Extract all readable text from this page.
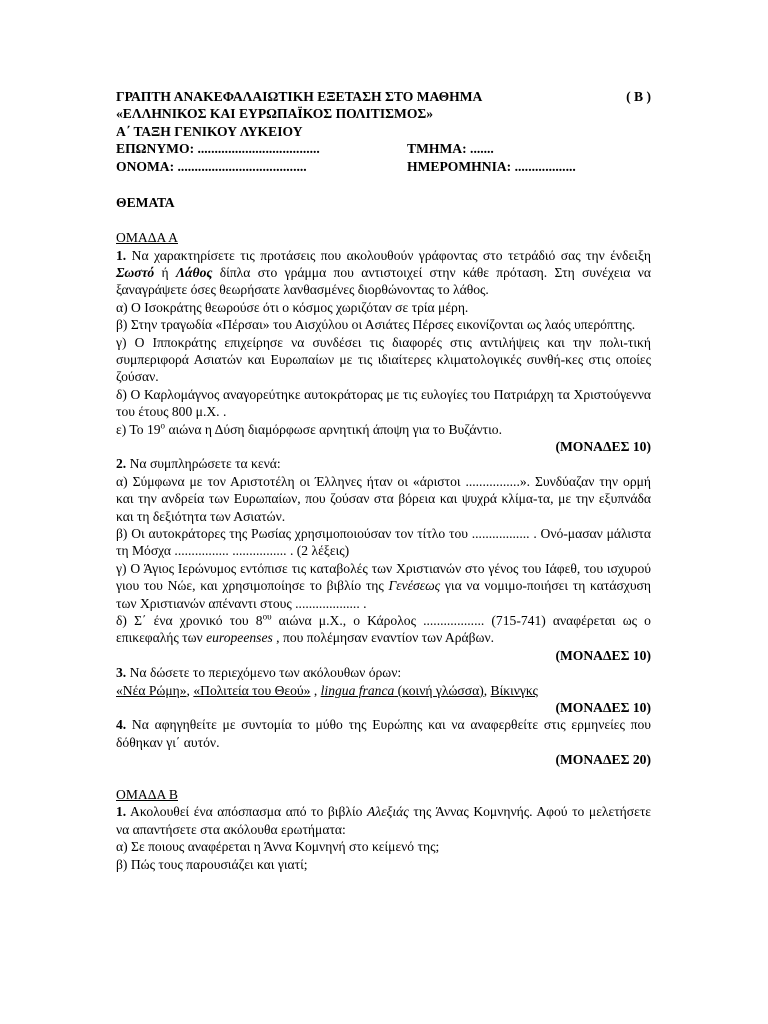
ΓΡΑΠΤΗ ΑΝΑΚΕΦΑΛΑΙΩΤΙΚΗ ΕΞΕΤΑΣΗ ΣΤΟ ΜΑΘΗΜΑ	( Β )
«ΕΛΛΗΝΙΚΟΣ ΚΑΙ ΕΥΡΩΠΑΪΚΟΣ ΠΟΛΙΤΙΣΜΟΣ»
Α΄ ΤΑΞΗ ΓΕΝΙΚΟΥ ΛΥΚΕΙΟΥ
ΕΠΩΝΥΜΟ: ....................................	ΤΜΗΜΑ: .......
ΟΝΟΜΑ: ......................................	ΗΜΕΡΟΜΗΝΙΑ: ..................
ΘΕΜΑΤΑ
ΟΜΑΔΑ Α

1. Να χαρακτηρίσετε τις προτάσεις που ακολουθούν γράφοντας στο τετράδιό σας την ένδειξη Σωστό ή Λάθος δίπλα στο γράμμα που αντιστοιχεί στην κάθε πρόταση. Στη συνέχεια να ξαναγράψετε όσες θεωρήσατε λανθασμένες διορθώνοντας το λάθος.

α) Ο Ισοκράτης θεωρούσε ότι ο κόσμος χωριζόταν σε τρία μέρη.

β) Στην τραγωδία «Πέρσαι» του Αισχύλου οι Ασιάτες Πέρσες εικονίζονται ως λαός υπερόπτης.

γ) Ο Ιπποκράτης επιχείρησε να συνδέσει τις διαφορές στις αντιλήψεις και την πολι-τική συμπεριφορά Ασιατών και Ευρωπαίων με τις ιδιαίτερες κλιματολογικές συνθή-κες στις οποίες ζούσαν.

δ) Ο Καρλομάγνος αναγορεύτηκε αυτοκράτορας με τις ευλογίες του Πατριάρχη τα Χριστούγεννα του έτους 800 μ.Χ. .

ε) Το $19^o$ αιώνα η Δύση διαμόρφωσε αρνητική άποψη για το Βυζάντιο.

(ΜΟΝΑΔΕΣ 10)

2. Να συμπληρώσετε τα κενά:

α) Σύμφωνα με τον Αριστοτέλη οι Έλληνες ήταν οι «άριστοι ................». Συνδύαζαν την ορμή και την ανδρεία των Ευρωπαίων, που ζούσαν στα βόρεια και ψυχρά κλίμα-τα, με την εξυπνάδα και τη δεξιότητα των Ασιατών.

β) Οι αυτοκράτορες της Ρωσίας χρησιμοποιούσαν τον τίτλο του ................. . Ονό-μασαν μάλιστα τη Μόσχα ................ ................ . (2 λέξεις)

γ) Ο Άγιος Ιερώνυμος εντόπισε τις καταβολές των Χριστιανών στο γένος του Ιάφεθ, του ισχυρού γιου του Νώε, και χρησιμοποίησε το βιβλίο της Γενέσεως για να νομιμο-ποιήσει τη κατάσχυση των Χριστιανών απέναντι στους ................... .

δ) Σ΄ ένα χρονικό του $8^{o\upsilon}$ αιώνα μ.Χ., ο Κάρολος .................. (715-741) αναφέρεται ως ο επικεφαλής των europeenses , που πολέμησαν εναντίον των Αράβων.

(ΜΟΝΑΔΕΣ 10)

3. Να δώσετε το περιεχόμενο των ακόλουθων όρων:

«Νέα Ρώμη», «Πολιτεία του Θεού» , lingua franca (κοινή γλώσσα), Βίκινγκς

(ΜΟΝΑΔΕΣ 10)

4. Να αφηγηθείτε με συντομία το μύθο της Ευρώπης και να αναφερθείτε στις ερμηνείες που δόθηκαν γι΄ αυτόν.

(ΜΟΝΑΔΕΣ 20)
ΟΜΑΔΑ Β

1. Ακολουθεί ένα απόσπασμα από το βιβλίο Αλεξιάς της Άννας Κομνηνής. Αφού το μελετήσετε να απαντήσετε στα ακόλουθα ερωτήματα:

α) Σε ποιους αναφέρεται η Άννα Κομνηνή στο κείμενό της;

β) Πώς τους παρουσιάζει και γιατί;
